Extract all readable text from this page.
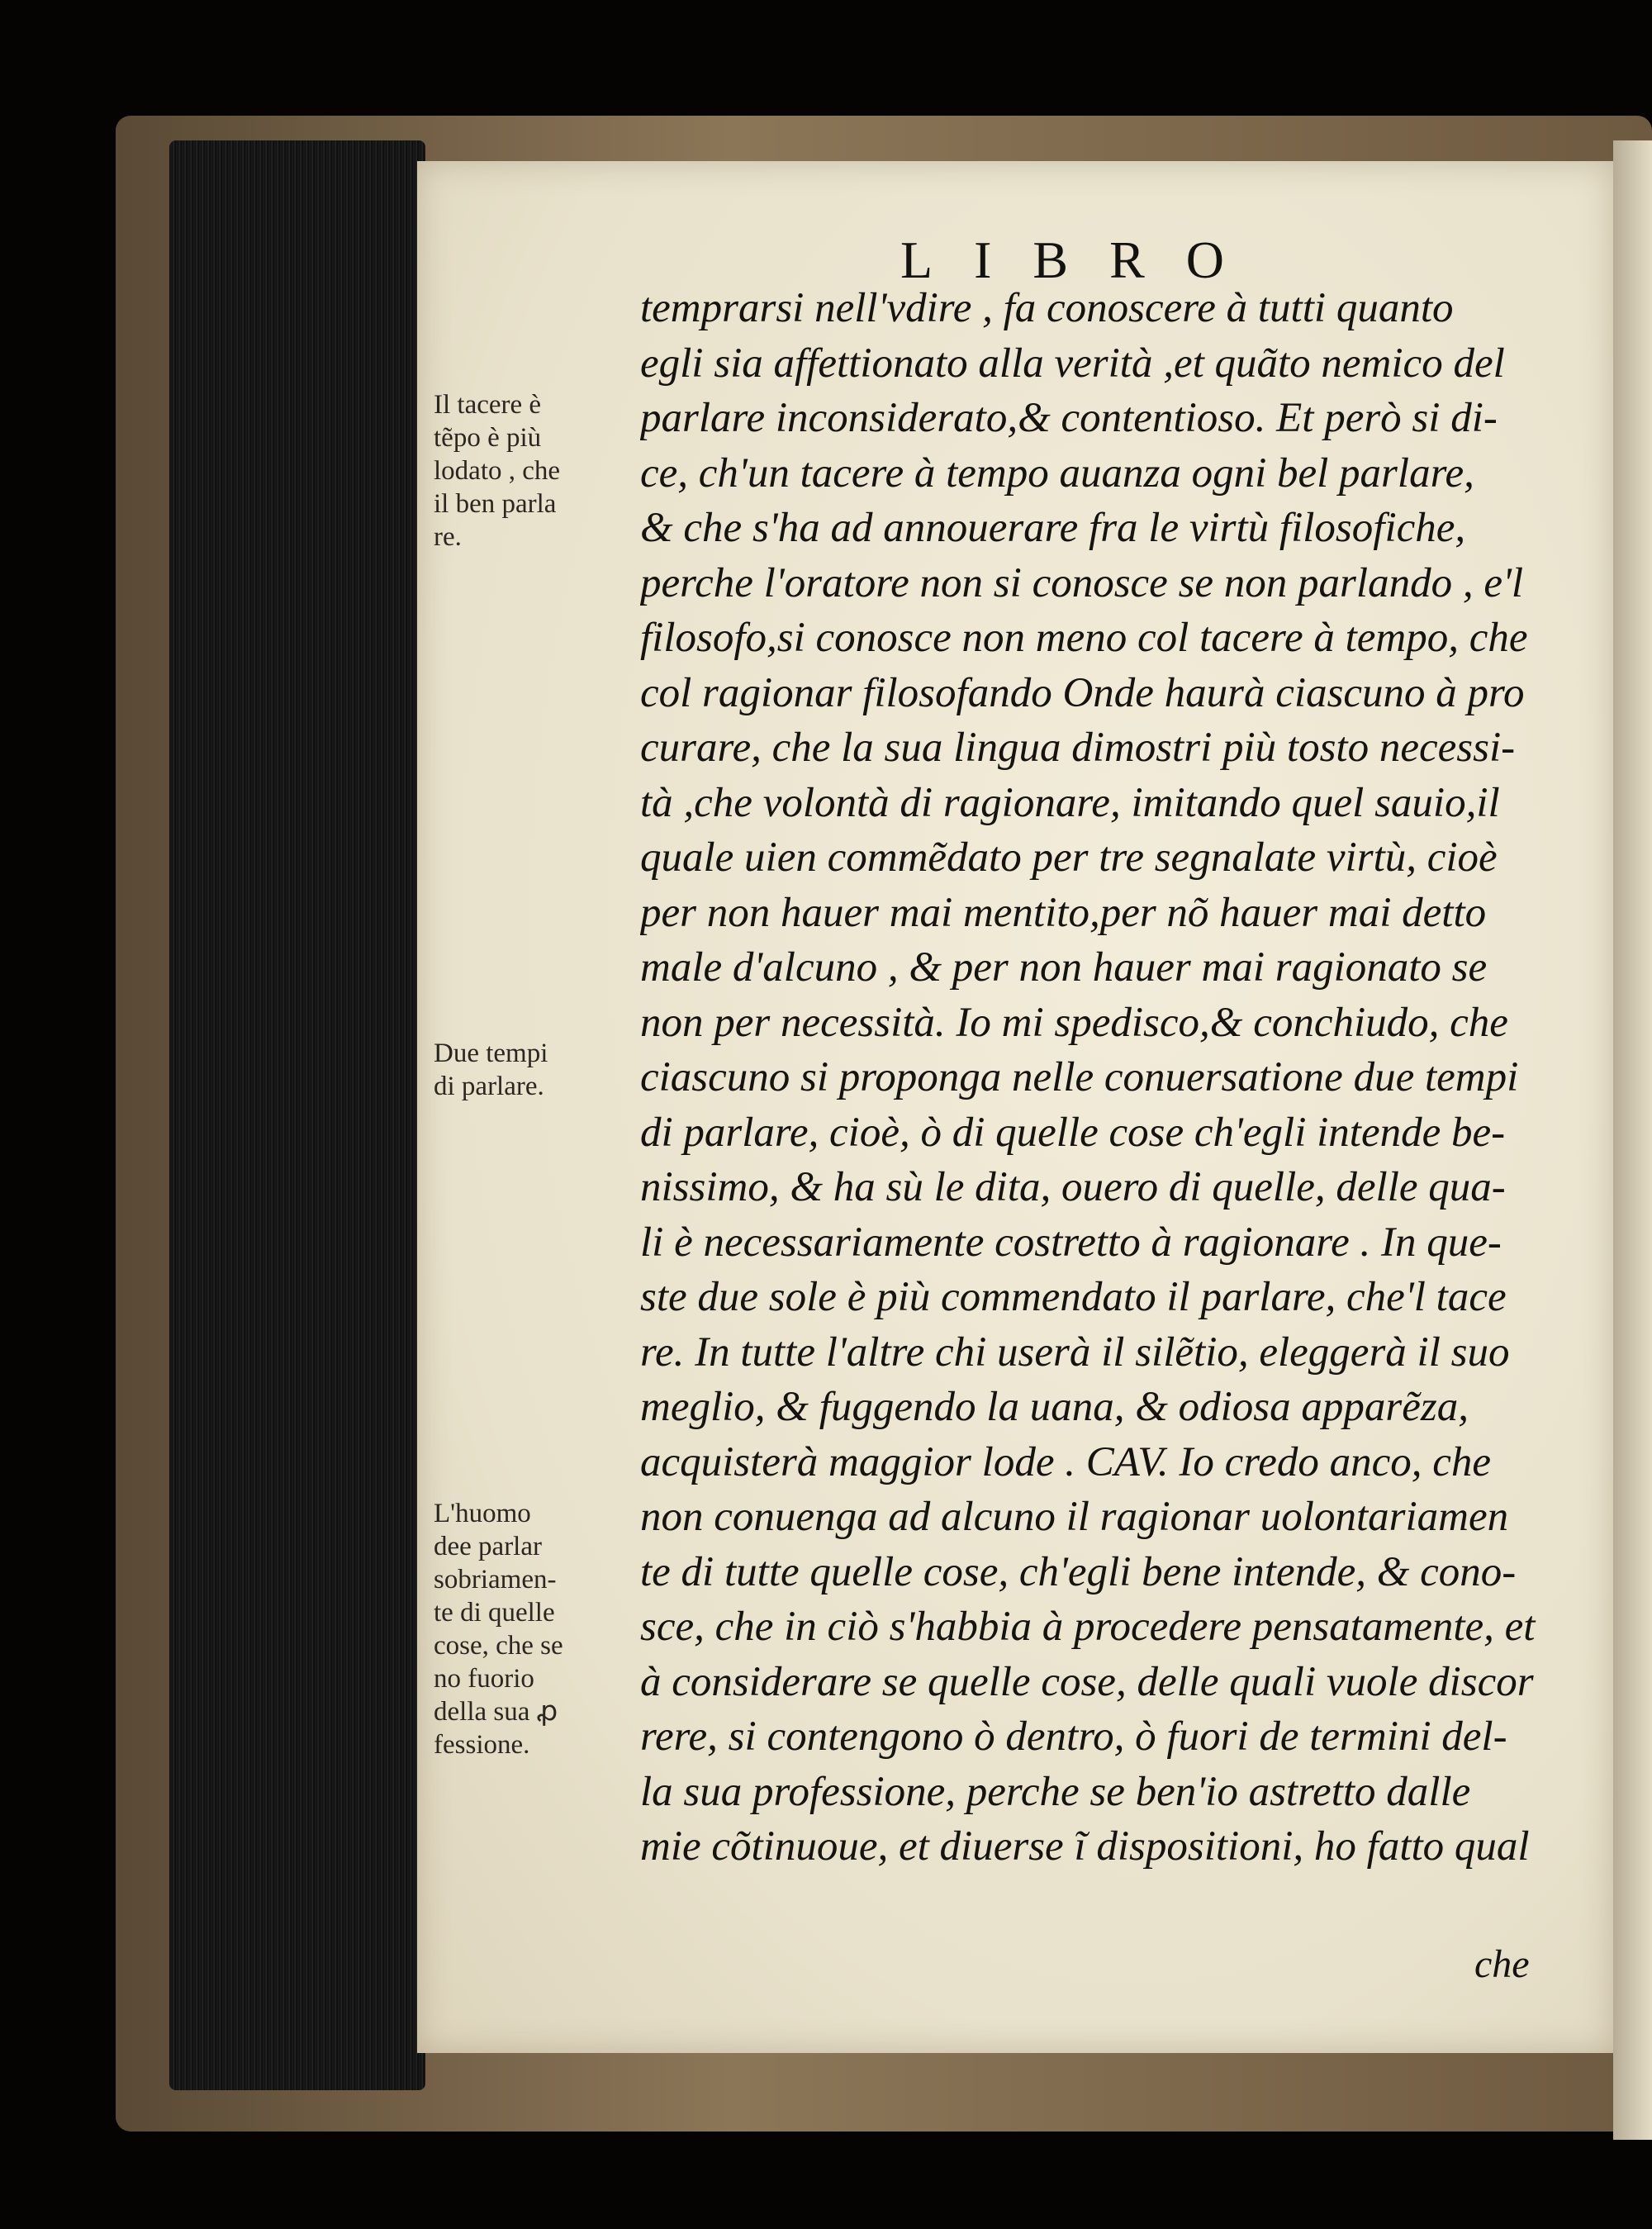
LIBRO
Il tacere è
tẽpo è più
lodato , che
il ben parla
re.
Due tempi
di parlare.
L'huomo
dee parlar
sobriamen-
te di quelle
cose, che se
no fuorio
della sua ꝓ
fessione.
temprarsi nell'vdire , fa conoscere à tutti quanto
egli sia affettionato alla verità ,et quãto nemico del
parlare inconsiderato,& contentioso. Et però si di-
ce, ch'un tacere à tempo auanza ogni bel parlare,
& che s'ha ad annouerare fra le virtù filosofiche,
perche l'oratore non si conosce se non parlando , e'l
filosofo,si conosce non meno col tacere à tempo, che
col ragionar filosofando Onde haurà ciascuno à pro
curare, che la sua lingua dimostri più tosto necessi-
tà ,che volontà di ragionare, imitando quel sauio,il
quale uien commẽdato per tre segnalate virtù, cioè
per non hauer mai mentito,per nõ hauer mai detto
male d'alcuno , & per non hauer mai ragionato se
non per necessità. Io mi spedisco,& conchiudo, che
ciascuno si proponga nelle conuersatione due tempi
di parlare, cioè, ò di quelle cose ch'egli intende be-
nissimo, & ha sù le dita, ouero di quelle, delle qua-
li è necessariamente costretto à ragionare . In que-
ste due sole è più commendato il parlare, che'l tace
re. In tutte l'altre chi userà il silẽtio, eleggerà il suo
meglio, & fuggendo la uana, & odiosa apparẽza,
acquisterà maggior lode . CAV. Io credo anco, che
non conuenga ad alcuno il ragionar uolontariamen
te di tutte quelle cose, ch'egli bene intende, & cono-
sce, che in ciò s'habbia à procedere pensatamente, et
à considerare se quelle cose, delle quali vuole discor
rere, si contengono ò dentro, ò fuori de termini del-
la sua professione, perche se ben'io astretto dalle
mie cõtinuoue, et diuerse ĩ dispositioni, ho fatto qual
che
